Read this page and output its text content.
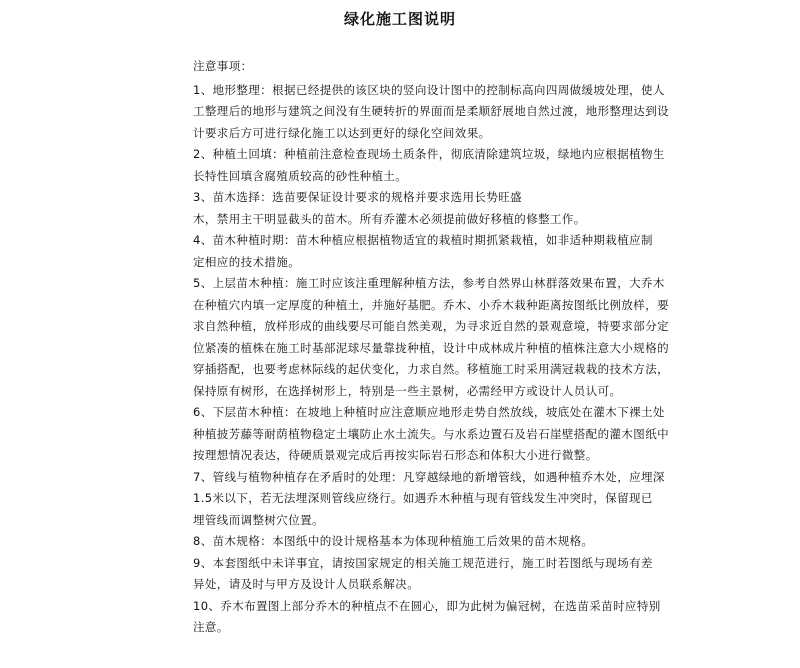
绿化施工图说明

注意事项：

1、地形整理：根据已经提供的该区块的竖向设计图中的控制标高向四周做缓坡处理，使人

工整理后的地形与建筑之间没有生硬转折的界面而是柔顺舒展地自然过渡，地形整理达到设

计要求后方可进行绿化施工以达到更好的绿化空间效果。

2、种植土回填：种植前注意检查现场土质条件，彻底清除建筑垃圾，绿地内应根据植物生

长特性回填含腐殖质较高的砂性种植土。

3、苗木选择：选苗要保证设计要求的规格并要求选用长势旺盛

木，禁用主干明显截头的苗木。所有乔灌木必须提前做好移植的修整工作。

4、苗木种植时期：苗木种植应根据植物适宜的栽植时期抓紧栽植，如非适种期栽植应制

定相应的技术措施。

5、上层苗木种植：施工时应该注重理解种植方法，参考自然界山林群落效果布置，大乔木

在种植穴内填一定厚度的种植土，并施好基肥。乔木、小乔木栽种距离按图纸比例放样，要

求自然种植，放样形成的曲线要尽可能自然美观，为寻求近自然的景观意境，特要求部分定

位紧凑的植株在施工时基部泥球尽量靠拢种植，设计中成林成片种植的植株注意大小规格的

穿插搭配，也要考虑林际线的起伏变化，力求自然。移植施工时采用满冠栽栽的技术方法，

保持原有树形，在选择树形上，特别是一些主景树，必需经甲方或设计人员认可。

6、下层苗木种植：在坡地上种植时应注意顺应地形走势自然放线，坡底处在灌木下裸土处

种植披芳藤等耐荫植物稳定土壤防止水土流失。与水系边置石及岩石崖壁搭配的灌木图纸中

按理想情况表达，待硬质景观完成后再按实际岩石形态和体积大小进行微整。

7、管线与植物种植存在矛盾时的处理：凡穿越绿地的新增管线，如遇种植乔木处，应埋深

1.5米以下，若无法埋深则管线应绕行。如遇乔木种植与现有管线发生冲突时，保留现已

埋管线而调整树穴位置。

8、苗木规格：本图纸中的设计规格基本为体现种植施工后效果的苗木规格。

9、本套图纸中未详事宜，请按国家规定的相关施工规范进行，施工时若图纸与现场有差

异处，请及时与甲方及设计人员联系解决。

10、乔木布置图上部分乔木的种植点不在圆心，即为此树为偏冠树，在选苗采苗时应特别

注意。
